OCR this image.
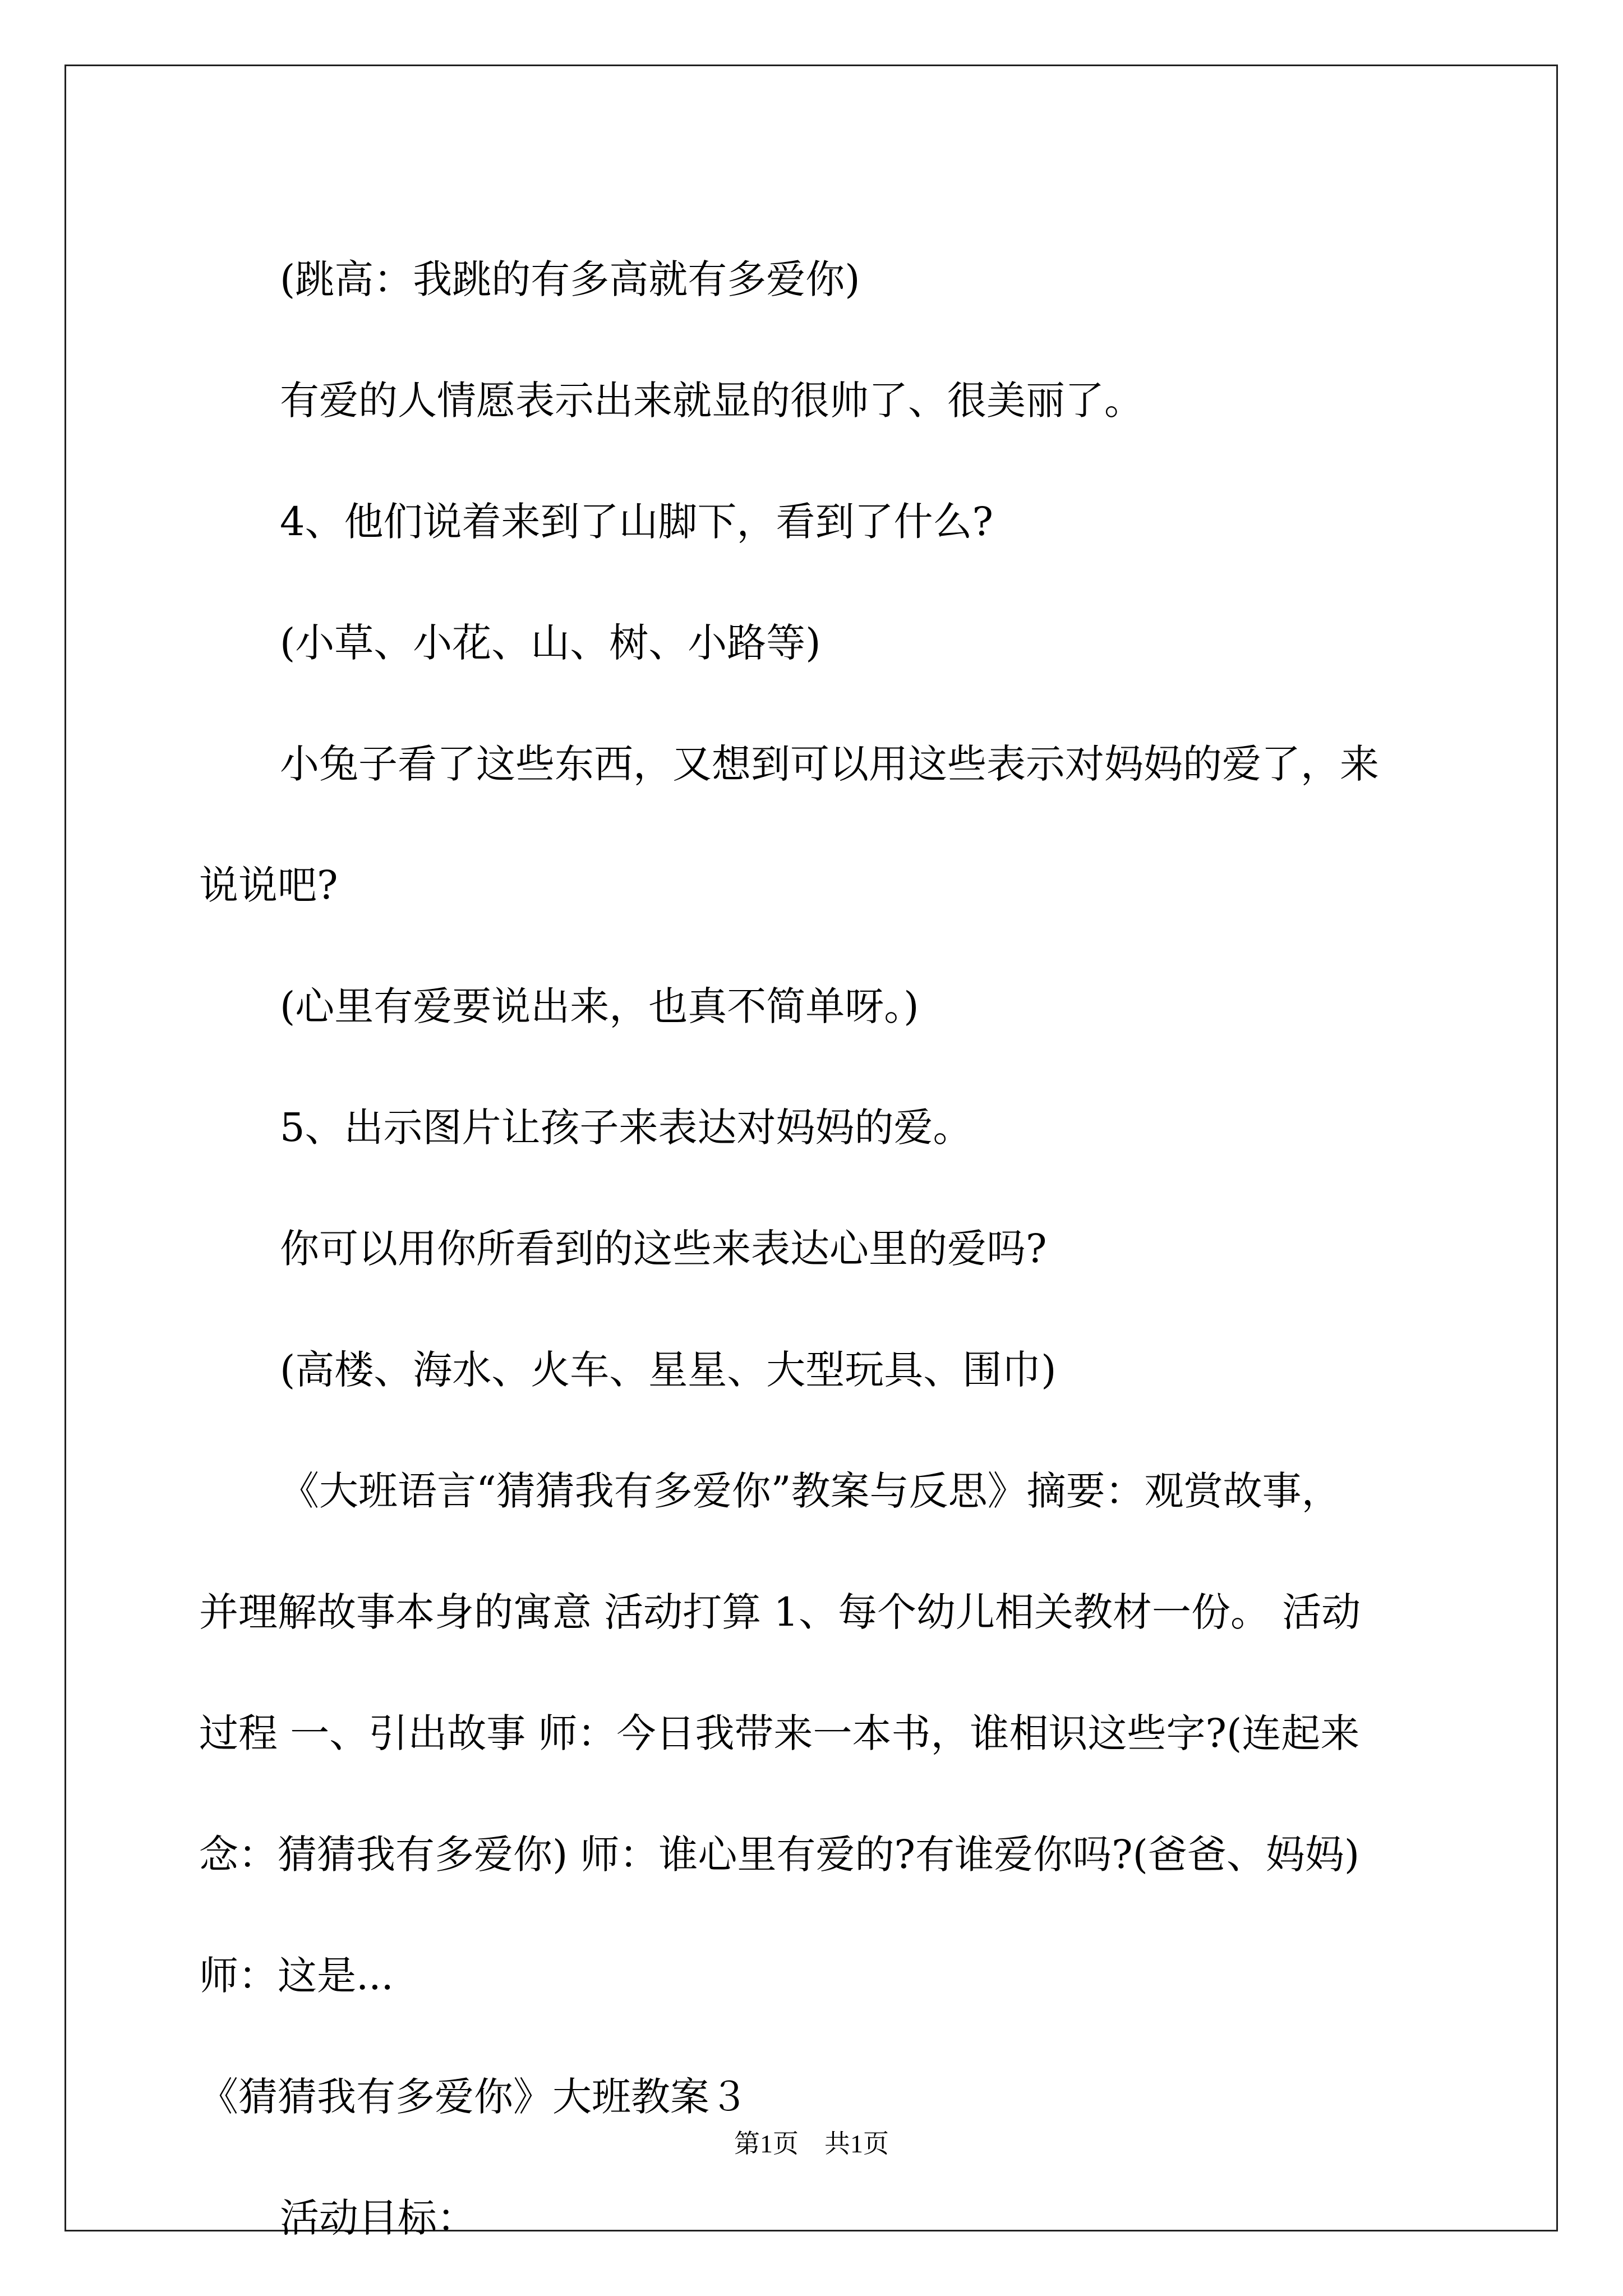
(跳高：我跳的有多高就有多爱你)

有爱的人情愿表示出来就显的很帅了、很美丽了。

4、他们说着来到了山脚下，看到了什么?

(小草、小花、山、树、小路等)

小兔子看了这些东西，又想到可以用这些表示对妈妈的爱了，来

说说吧?

(心里有爱要说出来，也真不简单呀。)

5、出示图片让孩子来表达对妈妈的爱。

你可以用你所看到的这些来表达心里的爱吗?

(高楼、海水、火车、星星、大型玩具、围巾)

《大班语言“猜猜我有多爱你”教案与反思》摘要：观赏故事，

并理解故事本身的寓意 活动打算 1、每个幼儿相关教材一份。 活动

过程 一、引出故事 师：今日我带来一本书，谁相识这些字?(连起来

念：猜猜我有多爱你) 师：谁心里有爱的?有谁爱你吗?(爸爸、妈妈)

师：这是...

《猜猜我有多爱你》大班教案３

活动目标：

第1页　共1页
